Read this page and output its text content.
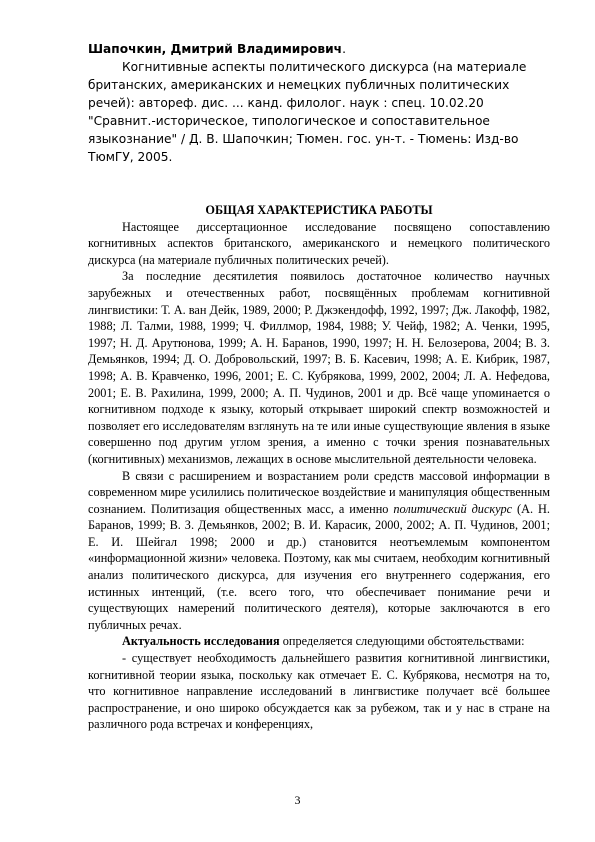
Шапочкин, Дмитрий Владимирович.
Когнитивные аспекты политического дискурса (на материале британских, американских и немецких публичных политических речей): автореф. дис. ... канд. филолог. наук : спец. 10.02.20 "Сравнит.-историческое, типологическое и сопоставительное языкознание" / Д. В. Шапочкин; Тюмен. гос. ун-т. - Тюмень: Изд-во ТюмГУ, 2005.
ОБЩАЯ ХАРАКТЕРИСТИКА РАБОТЫ

Настоящее диссертационное исследование посвящено сопоставлению когнитивных аспектов британского, американского и немецкого политического дискурса (на материале публичных политических речей).

За последние десятилетия появилось достаточное количество научных зарубежных и отечественных работ, посвящённых проблемам когнитивной лингвистики: Т. А. ван Дейк, 1989, 2000; Р. Джэкендофф, 1992, 1997; Дж. Лакофф, 1982, 1988; Л. Талми, 1988, 1999; Ч. Филлмор, 1984, 1988; У. Чейф, 1982; А. Ченки, 1995, 1997; Н. Д. Арутюнова, 1999; А. Н. Баранов, 1990, 1997; Н. Н. Белозерова, 2004; В. З. Демьянков, 1994; Д. О. Добровольский, 1997; В. Б. Касевич, 1998; А. Е. Кибрик, 1987, 1998; А. В. Кравченко, 1996, 2001; Е. С. Кубрякова, 1999, 2002, 2004; Л. А. Нефедова, 2001; Е. В. Рахилина, 1999, 2000; А. П. Чудинов, 2001 и др. Всё чаще упоминается о когнитивном подходе к языку, который открывает широкий спектр возможностей и позволяет его исследователям взглянуть на те или иные существующие явления в языке совершенно под другим углом зрения, а именно с точки зрения познавательных (когнитивных) механизмов, лежащих в основе мыслительной деятельности человека.

В связи с расширением и возрастанием роли средств массовой информации в современном мире усилились политическое воздействие и манипуляция общественным сознанием. Политизация общественных масс, а именно политический дискурс (А. Н. Баранов, 1999; В. З. Демьянков, 2002; В. И. Карасик, 2000, 2002; А. П. Чудинов, 2001; Е. И. Шейгал 1998; 2000 и др.) становится неотъемлемым компонентом «информационной жизни» человека. Поэтому, как мы считаем, необходим когнитивный анализ политического дискурса, для изучения его внутреннего содержания, его истинных интенций, (т.е. всего того, что обеспечивает понимание речи и существующих намерений политического деятеля), которые заключаются в его публичных речах.

Актуальность исследования определяется следующими обстоятельствами:

- существует необходимость дальнейшего развития когнитивной лингвистики, когнитивной теории языка, поскольку как отмечает Е. С. Кубрякова, несмотря на то, что когнитивное направление исследований в лингвистике получает всё большее распространение, и оно широко обсуждается как за рубежом, так и у нас в стране на различного рода встречах и конференциях,

3
